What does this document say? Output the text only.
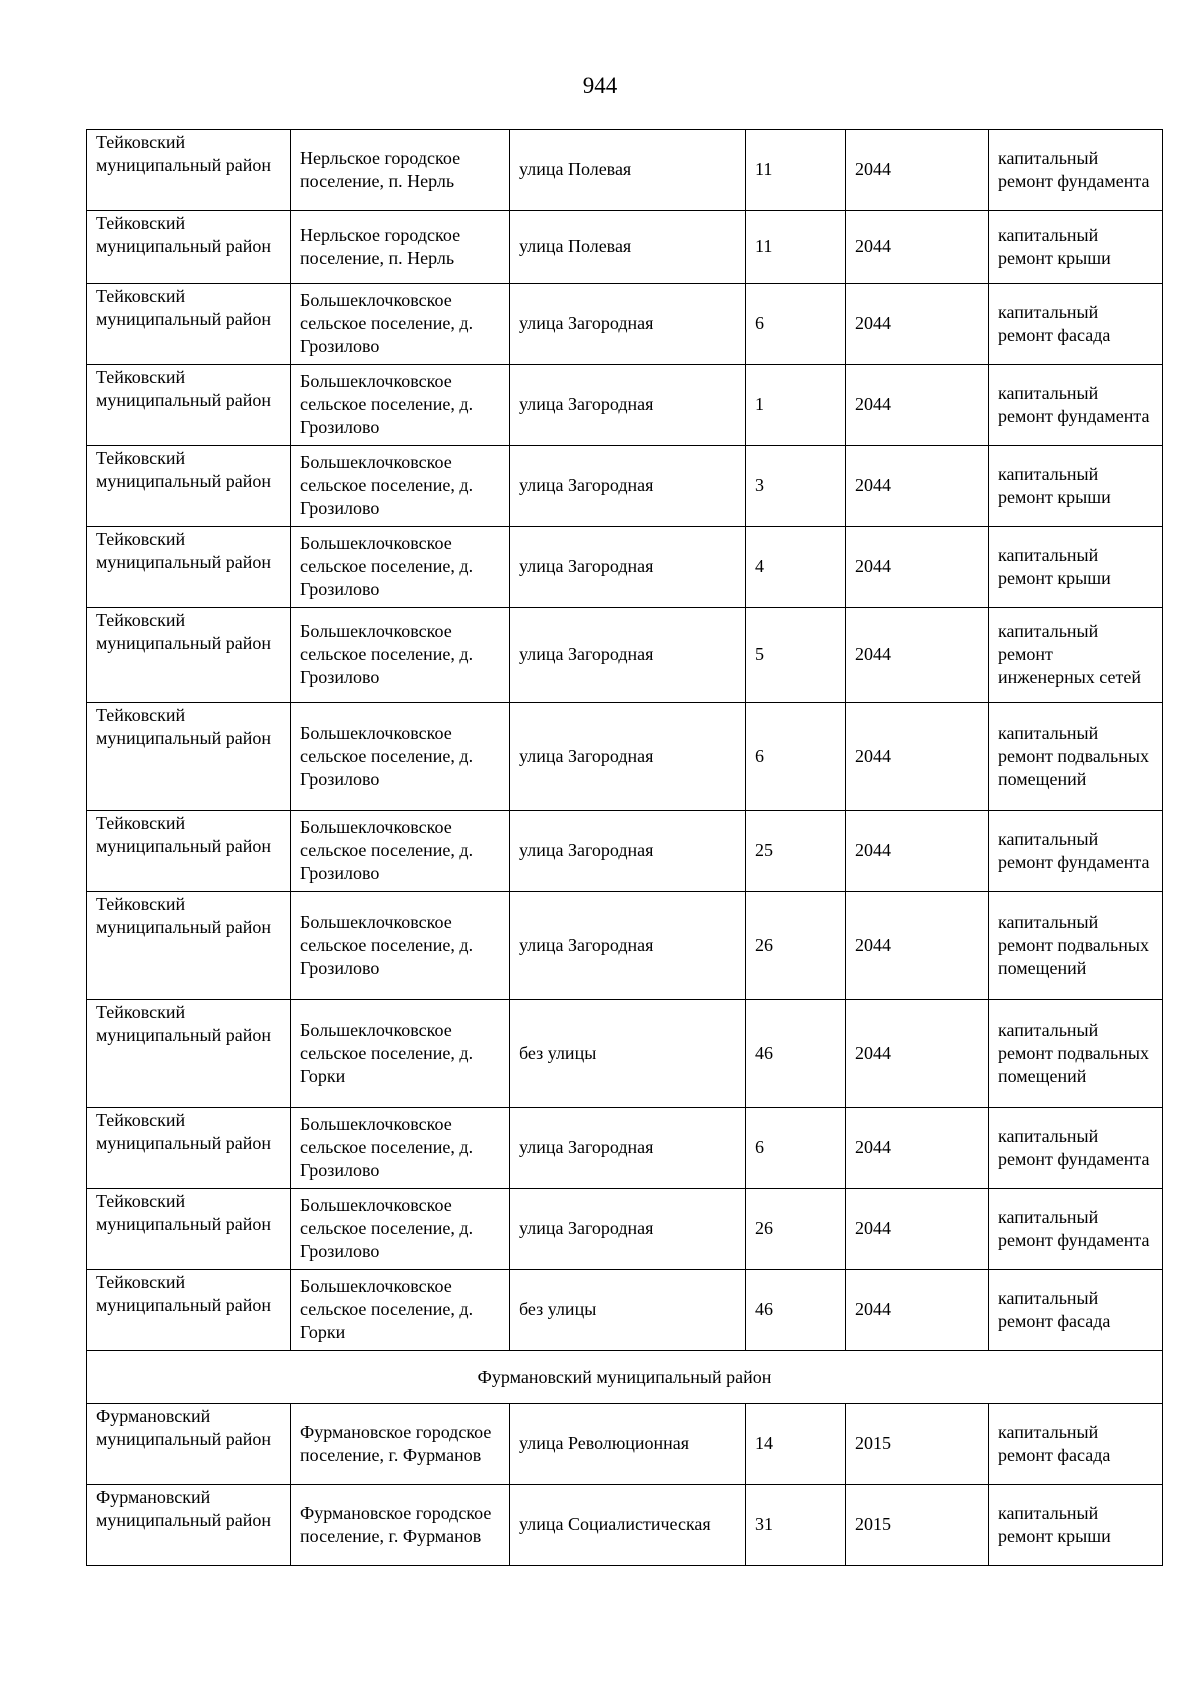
944
Тейковский муниципальный район	Нерльское городское поселение, п. Нерль	улица Полевая	11	2044	капитальный ремонт фундамента
Тейковский муниципальный район	Нерльское городское поселение, п. Нерль	улица Полевая	11	2044	капитальный ремонт крыши
Тейковский муниципальный район	Большеклочковское сельское поселение, д. Грозилово	улица Загородная	6	2044	капитальный ремонт фасада
Тейковский муниципальный район	Большеклочковское сельское поселение, д. Грозилово	улица Загородная	1	2044	капитальный ремонт фундамента
Тейковский муниципальный район	Большеклочковское сельское поселение, д. Грозилово	улица Загородная	3	2044	капитальный ремонт крыши
Тейковский муниципальный район	Большеклочковское сельское поселение, д. Грозилово	улица Загородная	4	2044	капитальный ремонт крыши
Тейковский муниципальный район	Большеклочковское сельское поселение, д. Грозилово	улица Загородная	5	2044	капитальный ремонт инженерных сетей
Тейковский муниципальный район	Большеклочковское сельское поселение, д. Грозилово	улица Загородная	6	2044	капитальный ремонт подвальных помещений
Тейковский муниципальный район	Большеклочковское сельское поселение, д. Грозилово	улица Загородная	25	2044	капитальный ремонт фундамента
Тейковский муниципальный район	Большеклочковское сельское поселение, д. Грозилово	улица Загородная	26	2044	капитальный ремонт подвальных помещений
Тейковский муниципальный район	Большеклочковское сельское поселение, д. Горки	без улицы	46	2044	капитальный ремонт подвальных помещений
Тейковский муниципальный район	Большеклочковское сельское поселение, д. Грозилово	улица Загородная	6	2044	капитальный ремонт фундамента
Тейковский муниципальный район	Большеклочковское сельское поселение, д. Грозилово	улица Загородная	26	2044	капитальный ремонт фундамента
Тейковский муниципальный район	Большеклочковское сельское поселение, д. Горки	без улицы	46	2044	капитальный ремонт фасада
Фурмановский муниципальный район					
Фурмановский муниципальный район	Фурмановское городское поселение, г. Фурманов	улица Революционная	14	2015	капитальный ремонт фасада
Фурмановский муниципальный район	Фурмановское городское поселение, г. Фурманов	улица Социалистическая	31	2015	капитальный ремонт крыши
